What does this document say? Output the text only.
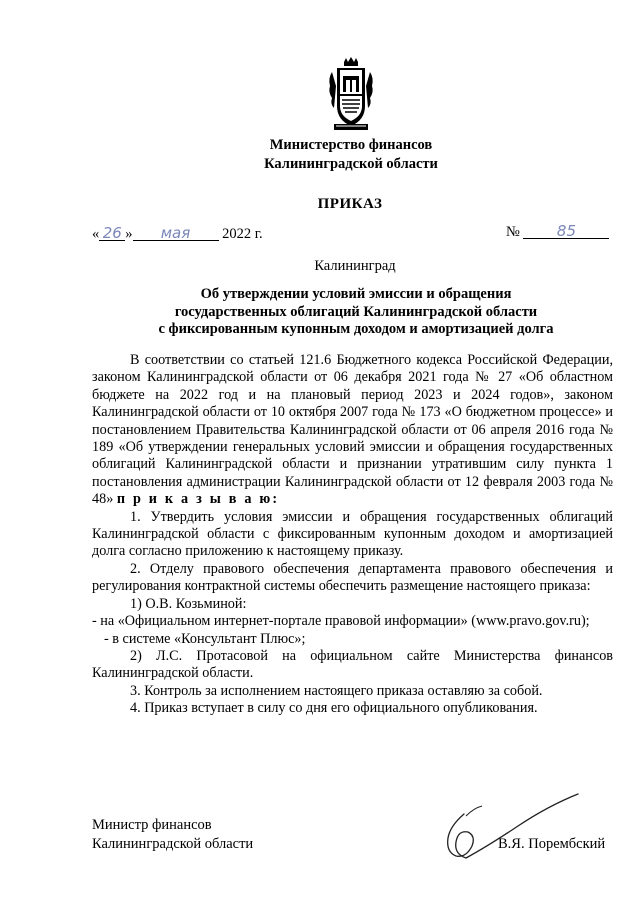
Министерство финансов
Калининградской области
ПРИКАЗ
« 26 » мая 2022 г.	№ 85
Калининград
Об утверждении условий эмиссии и обращения
государственных облигаций Калининградской области
с фиксированным купонным доходом и амортизацией долга

В соответствии со статьей 121.6 Бюджетного кодекса Российской Федерации, законом Калининградской области от 06 декабря 2021 года № 27 «Об областном бюджете на 2022 год и на плановый период 2023 и 2024 годов», законом Калининградской области от 10 октября 2007 года № 173 «О бюджетном процессе» и постановлением Правительства Калининградской области от 06 апреля 2016 года № 189 «Об утверждении генеральных условий эмиссии и обращения государственных облигаций Калининградской области и признании утратившим силу пункта 1 постановления администрации Калининградской области от 12 февраля 2003 года № 48» п р и к а з ы в а ю:

1. Утвердить условия эмиссии и обращения государственных облигаций Калининградской области с фиксированным купонным доходом и амортизацией долга согласно приложению к настоящему приказу.

2. Отделу правового обеспечения департамента правового обеспечения и регулирования контрактной системы обеспечить размещение настоящего приказа:

1) О.В. Козьминой:

- на «Официальном интернет-портале правовой информации» (www.pravo.gov.ru);

- в системе «Консультант Плюс»;

2) Л.С. Протасовой на официальном сайте Министерства финансов Калининградской области.

3. Контроль за исполнением настоящего приказа оставляю за собой.

4. Приказ вступает в силу со дня его официального опубликования.

Министр финансов
Калининградской области	В.Я. Порембский
